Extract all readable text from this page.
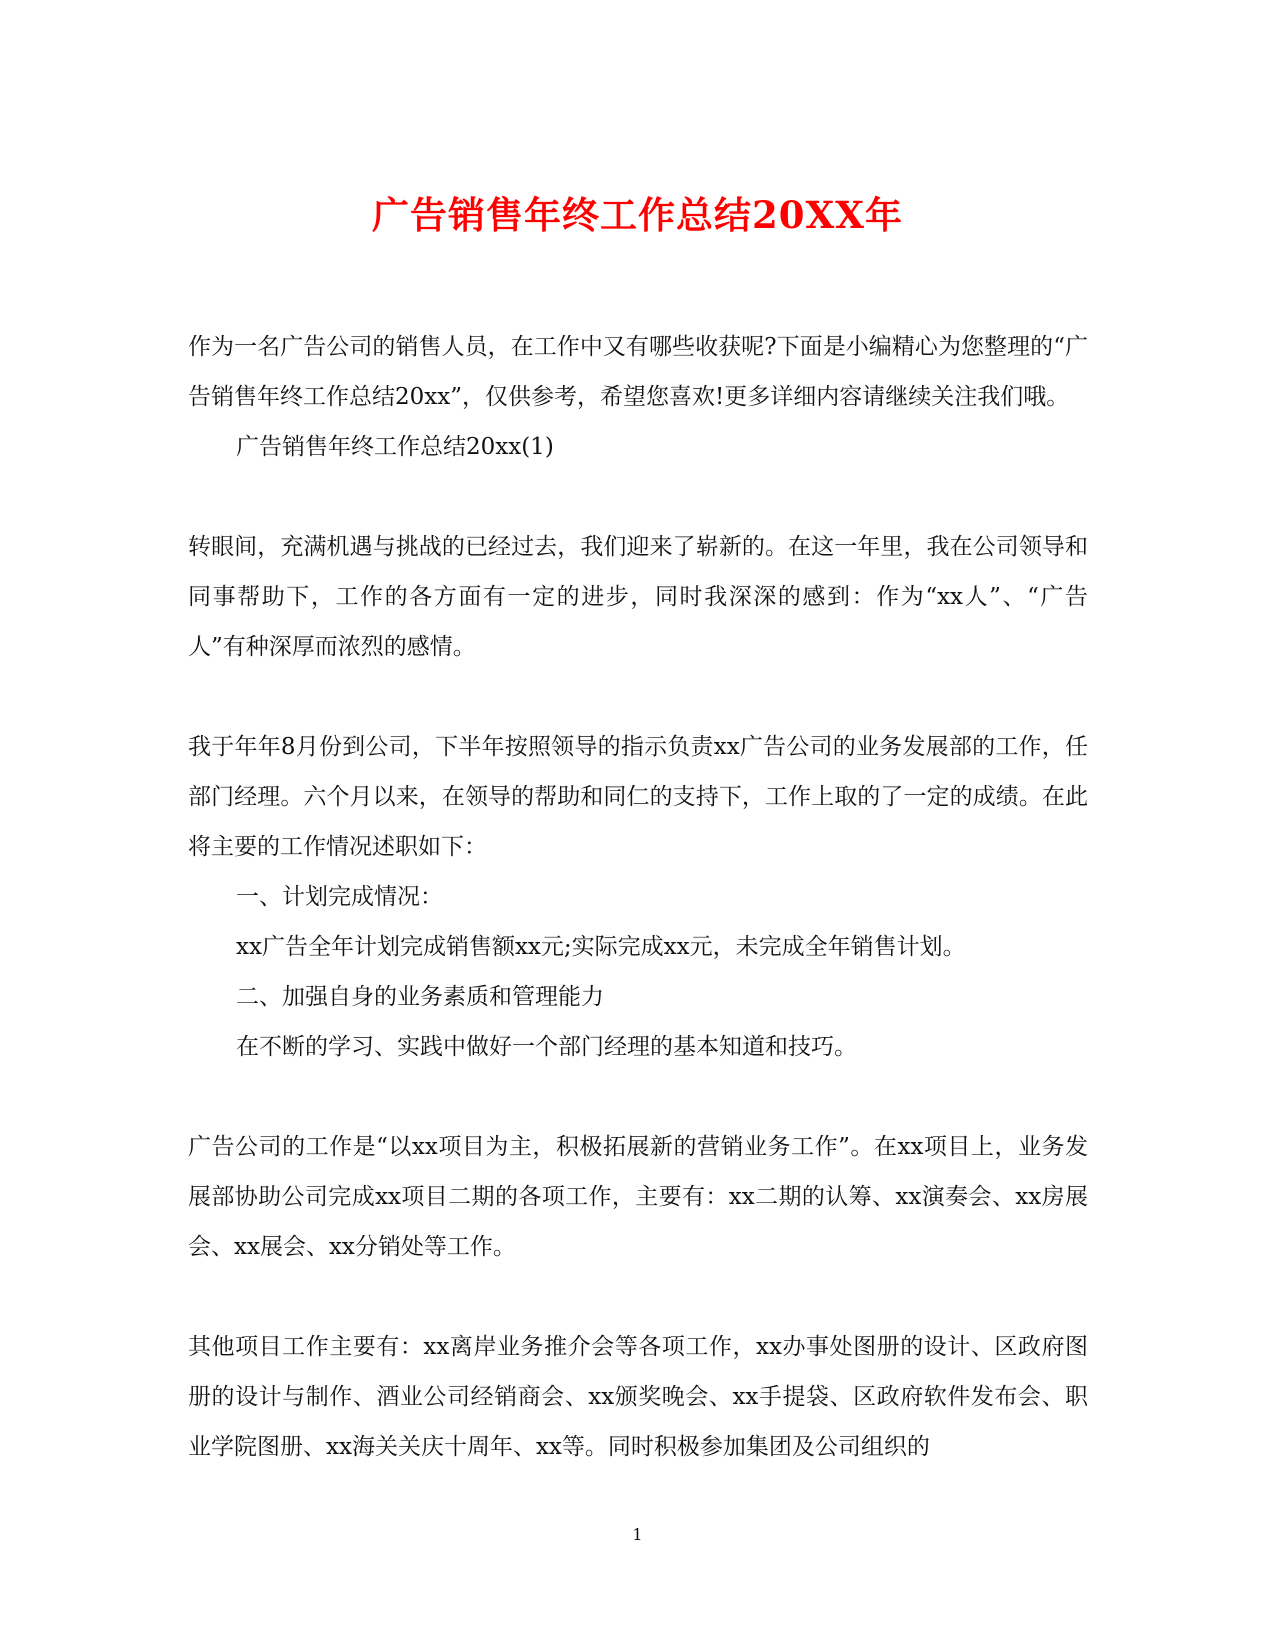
广告销售年终工作总结20XX年

作为一名广告公司的销售人员，在工作中又有哪些收获呢?下面是小编精心为您整理的“广告销售年终工作总结20xx”，仅供参考，希望您喜欢!更多详细内容请继续关注我们哦。

广告销售年终工作总结20xx(1)

转眼间，充满机遇与挑战的已经过去，我们迎来了崭新的。在这一年里，我在公司领导和同事帮助下，工作的各方面有一定的进步，同时我深深的感到：作为“xx人”、“广告人”有种深厚而浓烈的感情。

我于年年8月份到公司，下半年按照领导的指示负责xx广告公司的业务发展部的工作，任部门经理。六个月以来，在领导的帮助和同仁的支持下，工作上取的了一定的成绩。在此将主要的工作情况述职如下：

一、计划完成情况：

xx广告全年计划完成销售额xx元;实际完成xx元，未完成全年销售计划。

二、加强自身的业务素质和管理能力

在不断的学习、实践中做好一个部门经理的基本知道和技巧。

广告公司的工作是“以xx项目为主，积极拓展新的营销业务工作”。在xx项目上，业务发展部协助公司完成xx项目二期的各项工作，主要有：xx二期的认筹、xx演奏会、xx房展会、xx展会、xx分销处等工作。

其他项目工作主要有：xx离岸业务推介会等各项工作，xx办事处图册的设计、区政府图册的设计与制作、酒业公司经销商会、xx颁奖晚会、xx手提袋、区政府软件发布会、职业学院图册、xx海关关庆十周年、xx等。同时积极参加集团及公司组织的

1
